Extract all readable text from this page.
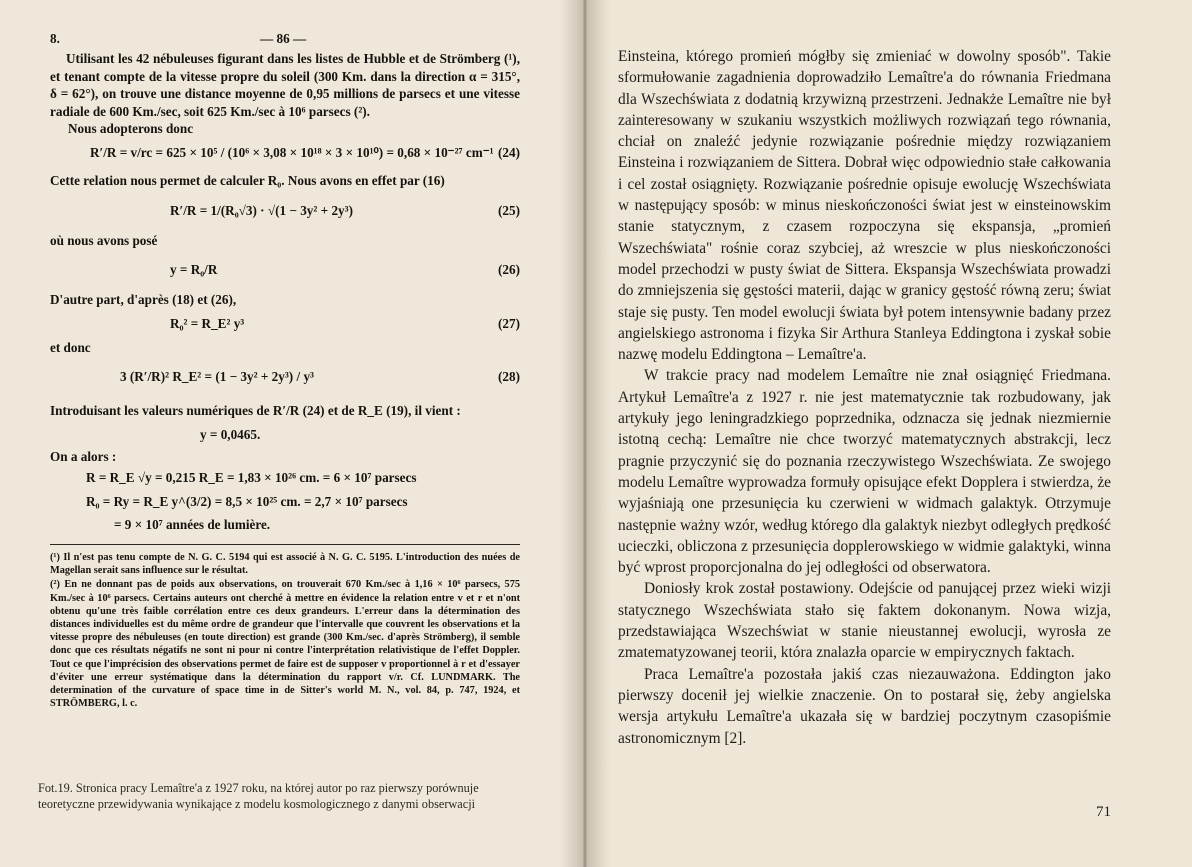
8.	— 86 —

Utilisant les 42 nébuleuses figurant dans les listes de Hubble et de Strömberg (¹), et tenant compte de la vitesse propre du soleil (300 Km. dans la direction α = 315°, δ = 62°), on trouve une distance moyenne de 0,95 millions de parsecs et une vitesse radiale de 600 Km./sec, soit 625 Km./sec à 10⁶ parsecs (²).

Nous adopterons donc

R′/R = v/rc = 625 × 10⁵ / (10⁶ × 3,08 × 10¹⁸ × 3 × 10¹⁰) = 0,68 × 10⁻²⁷ cm⁻¹ (24)

Cette relation nous permet de calculer R₀. Nous avons en effet par (16)

R′/R = 1/(R₀√3) · √(1 − 3y² + 2y³)	(25)

où nous avons posé

y = R₀/R	(26)

D'autre part, d'après (18) et (26),

R₀² = R_E² y³	(27)

et donc

3 (R′/R)² R_E² = (1 − 3y² + 2y³) / y³	(28)

Introduisant les valeurs numériques de R′/R (24) et de R_E (19), il vient :

y = 0,0465.

On a alors :

R = R_E √y = 0,215 R_E = 1,83 × 10²⁶ cm. = 6 × 10⁷ parsecs

R₀ = Ry = R_E y^(3/2) = 8,5 × 10²⁵ cm. = 2,7 × 10⁷ parsecs

= 9 × 10⁷ années de lumière.

(¹) Il n'est pas tenu compte de N. G. C. 5194 qui est associé à N. G. C. 5195. L'introduction des nuées de Magellan serait sans influence sur le résultat.

(²) En ne donnant pas de poids aux observations, on trouverait 670 Km./sec à 1,16 × 10⁶ parsecs, 575 Km./sec à 10⁶ parsecs. Certains auteurs ont cherché à mettre en évidence la relation entre v et r et n'ont obtenu qu'une très faible corrélation entre ces deux grandeurs. L'erreur dans la détermination des distances individuelles est du même ordre de grandeur que l'intervalle que couvrent les observations et la vitesse propre des nébuleuses (en toute direction) est grande (300 Km./sec. d'après Strömberg), il semble donc que ces résultats négatifs ne sont ni pour ni contre l'interprétation relativistique de l'effet Doppler. Tout ce que l'imprécision des observations permet de faire est de supposer v proportionnel à r et d'essayer d'éviter une erreur systématique dans la détermination du rapport v/r. Cf. LUNDMARK. The determination of the curvature of space time in de Sitter's world M. N., vol. 84, p. 747, 1924, et STRÖMBERG, l. c.

Fot.19. Stronica pracy Lemaître'a z 1927 roku, na której autor po raz pierwszy porównuje teoretyczne przewidywania wynikające z modelu kosmologicznego z danymi obserwacji

Einsteina, którego promień mógłby się zmieniać w dowolny sposób". Takie sformułowanie zagadnienia doprowadziło Lemaître'a do równania Friedmana dla Wszechświata z dodatnią krzywizną przestrzeni. Jednakże Lemaître nie był zainteresowany w szukaniu wszystkich możliwych rozwiązań tego równania, chciał on znaleźć jedynie rozwiązanie pośrednie między rozwiązaniem Einsteina i rozwiązaniem de Sittera. Dobrał więc odpowiednio stałe całkowania i cel został osiągnięty. Rozwiązanie pośrednie opisuje ewolucję Wszechświata w następujący sposób: w minus nieskończoności świat jest w einsteinowskim stanie statycznym, z czasem rozpoczyna się ekspansja, „promień Wszechświata" rośnie coraz szybciej, aż wreszcie w plus nieskończoności model przechodzi w pusty świat de Sittera. Ekspansja Wszechświata prowadzi do zmniejszenia się gęstości materii, dając w granicy gęstość równą zeru; świat staje się pusty. Ten model ewolucji świata był potem intensywnie badany przez angielskiego astronoma i fizyka Sir Arthura Stanleya Eddingtona i zyskał sobie nazwę modelu Eddingtona – Lemaître'a.

W trakcie pracy nad modelem Lemaître nie znał osiągnięć Friedmana. Artykuł Lemaître'a z 1927 r. nie jest matematycznie tak rozbudowany, jak artykuły jego leningradzkiego poprzednika, odznacza się jednak niezmiernie istotną cechą: Lemaître nie chce tworzyć matematycznych abstrakcji, lecz pragnie przyczynić się do poznania rzeczywistego Wszechświata. Ze swojego modelu Lemaître wyprowadza formuły opisujące efekt Dopplera i stwierdza, że wyjaśniają one przesunięcia ku czerwieni w widmach galaktyk. Otrzymuje następnie ważny wzór, według którego dla galaktyk niezbyt odległych prędkość ucieczki, obliczona z przesunięcia dopplerowskiego w widmie galaktyki, winna być wprost proporcjonalna do jej odległości od obserwatora.

Doniosły krok został postawiony. Odejście od panującej przez wieki wizji statycznego Wszechświata stało się faktem dokonanym. Nowa wizja, przedstawiająca Wszechświat w stanie nieustannej ewolucji, wyrosła ze zmatematyzowanej teorii, która znalazła oparcie w empirycznych faktach.

Praca Lemaître'a pozostała jakiś czas niezauważona. Eddington jako pierwszy docenił jej wielkie znaczenie. On to postarał się, żeby angielska wersja artykułu Lemaître'a ukazała się w bardziej poczytnym czasopiśmie astronomicznym [2].

71
